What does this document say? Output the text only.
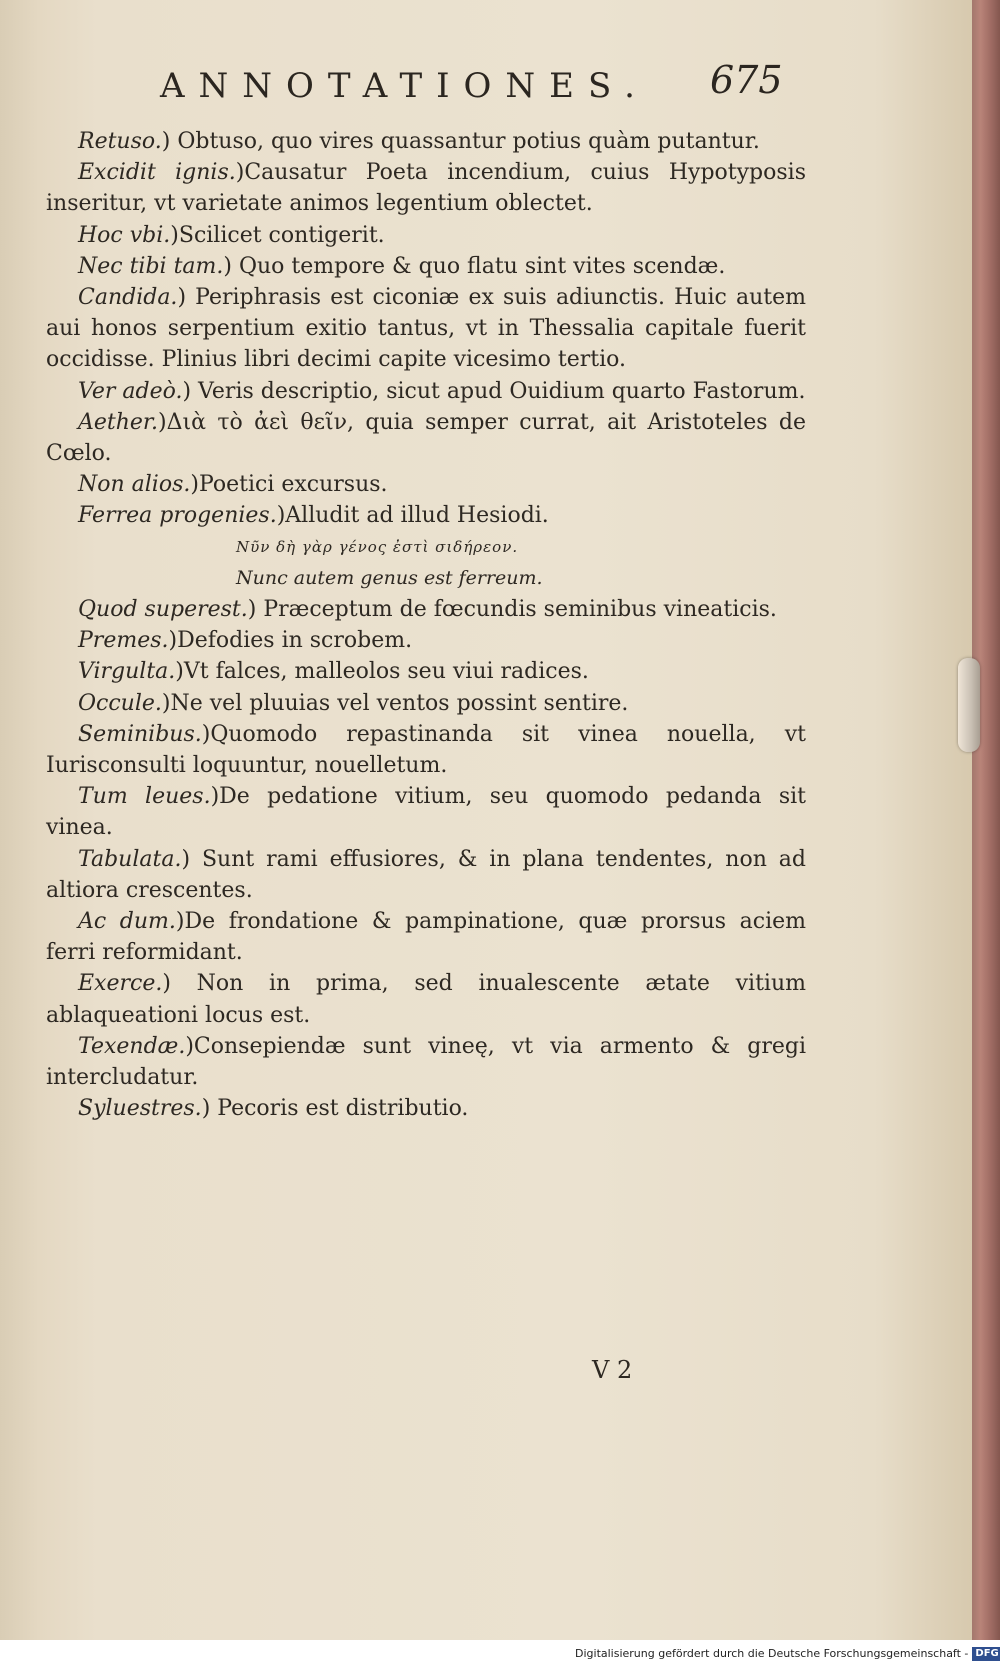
ANNOTATIONES. 675

Retuso.) Obtuso, quo vires quassantur potius quàm putantur.

Excidit ignis.)Causatur Poeta incendium, cuius Hypotyposis inseritur, vt varietate animos legentium oblectet.

Hoc vbi.)Scilicet contigerit.

Nec tibi tam.) Quo tempore & quo flatu sint vites scendæ.

Candida.) Periphrasis est ciconiæ ex suis adiunctis. Huic autem aui honos serpentium exitio tantus, vt in Thessalia capitale fuerit occidisse. Plinius libri decimi capite vicesimo tertio.

Ver adeò.) Veris descriptio, sicut apud Ouidium quarto Fastorum.

Aether.)Διὰ τὸ ἀεὶ θεῖν, quia semper currat, ait Aristoteles de Cœlo.

Non alios.)Poetici excursus.

Ferrea progenies.)Alludit ad illud Hesiodi.

Νῦν δὴ γὰρ γένος ἐστὶ σιδήρεον.

Nunc autem genus est ferreum.

Quod superest.) Præceptum de fœcundis seminibus vineaticis.

Premes.)Defodies in scrobem.

Virgulta.)Vt falces, malleolos seu viui radices.

Occule.)Ne vel pluuias vel ventos possint sentire.

Seminibus.)Quomodo repastinanda sit vinea nouella, vt Iurisconsulti loquuntur, nouelletum.

Tum leues.)De pedatione vitium, seu quomodo pedanda sit vinea.

Tabulata.) Sunt rami effusiores, & in plana tendentes, non ad altiora crescentes.

Ac dum.)De frondatione & pampinatione, quæ prorsus aciem ferri reformidant.

Exerce.) Non in prima, sed inualescente ætate vitium ablaqueationi locus est.

Texendæ.)Consepiendæ sunt vineę, vt via armento & gregi intercludatur.

Syluestres.) Pecoris est distributio.

V 2
Digitalisierung gefördert durch die Deutsche Forschungsgemeinschaft - DFG
